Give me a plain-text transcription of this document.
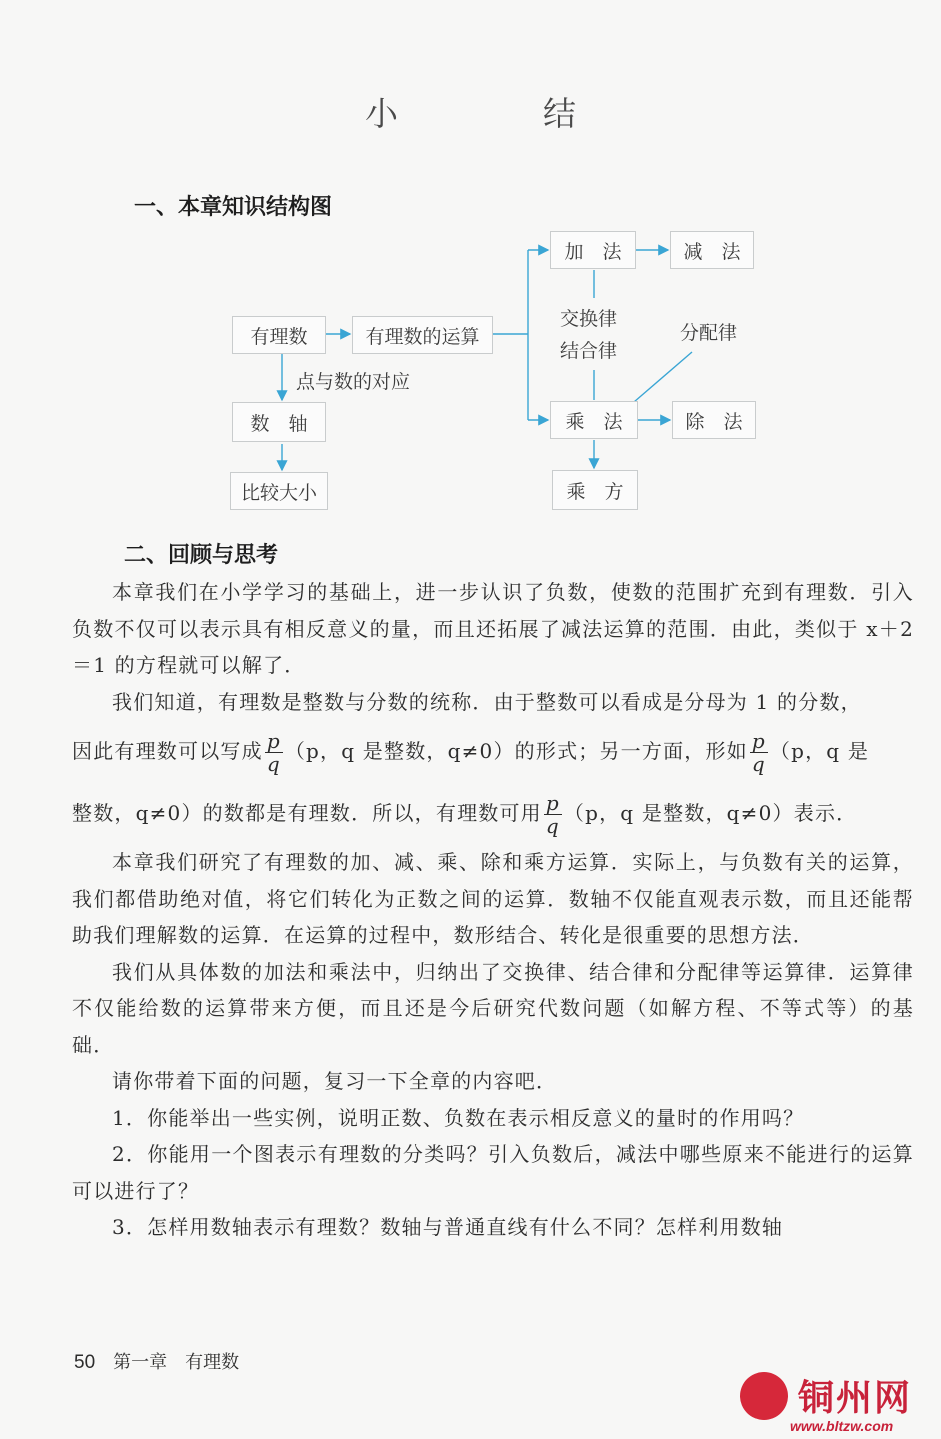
小　结
一、本章知识结构图
有理数	有理数的运算
点与数的对应
数　轴
比较大小
加　法	减　法
交换律
结合律
分配律
乘　法	除　法
乘　方
二、回顾与思考

本章我们在小学学习的基础上，进一步认识了负数，使数的范围扩充到有理数．引入负数不仅可以表示具有相反意义的量，而且还拓展了减法运算的范围．由此，类似于 x＋2＝1 的方程就可以解了．

我们知道，有理数是整数与分数的统称．由于整数可以看成是分母为 1 的分数，

因此有理数可以写成 $\frac{p}{q} (p$，q 是整数，q≠0）的形式；另一方面，形如 $\frac{p}{q} (p$，q 是

整数，q≠0）的数都是有理数．所以，有理数可用 $\frac{p}{q} (p$，q 是整数，q≠0）表示．

本章我们研究了有理数的加、减、乘、除和乘方运算．实际上，与负数有关的运算，我们都借助绝对值，将它们转化为正数之间的运算．数轴不仅能直观表示数，而且还能帮助我们理解数的运算．在运算的过程中，数形结合、转化是很重要的思想方法．

我们从具体数的加法和乘法中，归纳出了交换律、结合律和分配律等运算律．运算律不仅能给数的运算带来方便，而且还是今后研究代数问题（如解方程、不等式等）的基础．

请你带着下面的问题，复习一下全章的内容吧．

1．你能举出一些实例，说明正数、负数在表示相反意义的量时的作用吗？

2．你能用一个图表示有理数的分类吗？引入负数后，减法中哪些原来不能进行的运算可以进行了？

3．怎样用数轴表示有理数？数轴与普通直线有什么不同？怎样利用数轴

50 第一章　有理数
铜州网
www.bltzw.com
